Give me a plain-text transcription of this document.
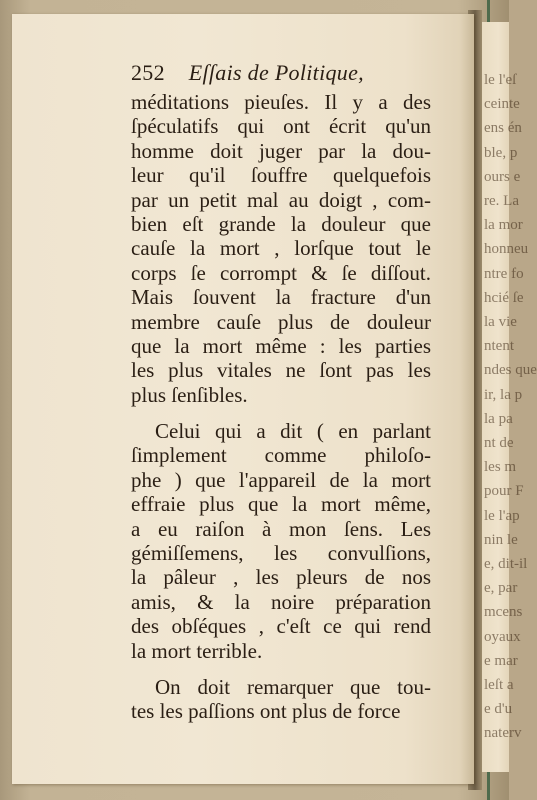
le l'eſ
ceinte
ens én
ble, p
ours e
re. La
la mor
honneu
ntre fo
hcié ſe
la vie
ntent
ndes que
ir, la p
la pa
nt de
les m
pour F
le l'ap
nin le
e, dit-il
e, par
mcens
oyaux
e mar
leſt a
e d'u
naterv
252 Eſſais de Politique,
méditations pieuſes. Il y a des
ſpéculatifs qui ont écrit qu'un
homme doit juger par la dou-
leur qu'il ſouffre quelquefois
par un petit mal au doigt , com-
bien eſt grande la douleur que
cauſe la mort , lorſque tout le
corps ſe corrompt & ſe diſſout.
Mais ſouvent la fracture d'un
membre cauſe plus de douleur
que la mort même : les parties
les plus vitales ne ſont pas les
plus ſenſibles.
Celui qui a dit ( en parlant
ſimplement comme philoſo-
phe ) que l'appareil de la mort
effraie plus que la mort même,
a eu raiſon à mon ſens. Les
gémiſſemens, les convulſions,
la pâleur , les pleurs de nos
amis, & la noire préparation
des obſéques , c'eſt ce qui rend
la mort terrible.
On doit remarquer que tou-
tes les paſſions ont plus de force
